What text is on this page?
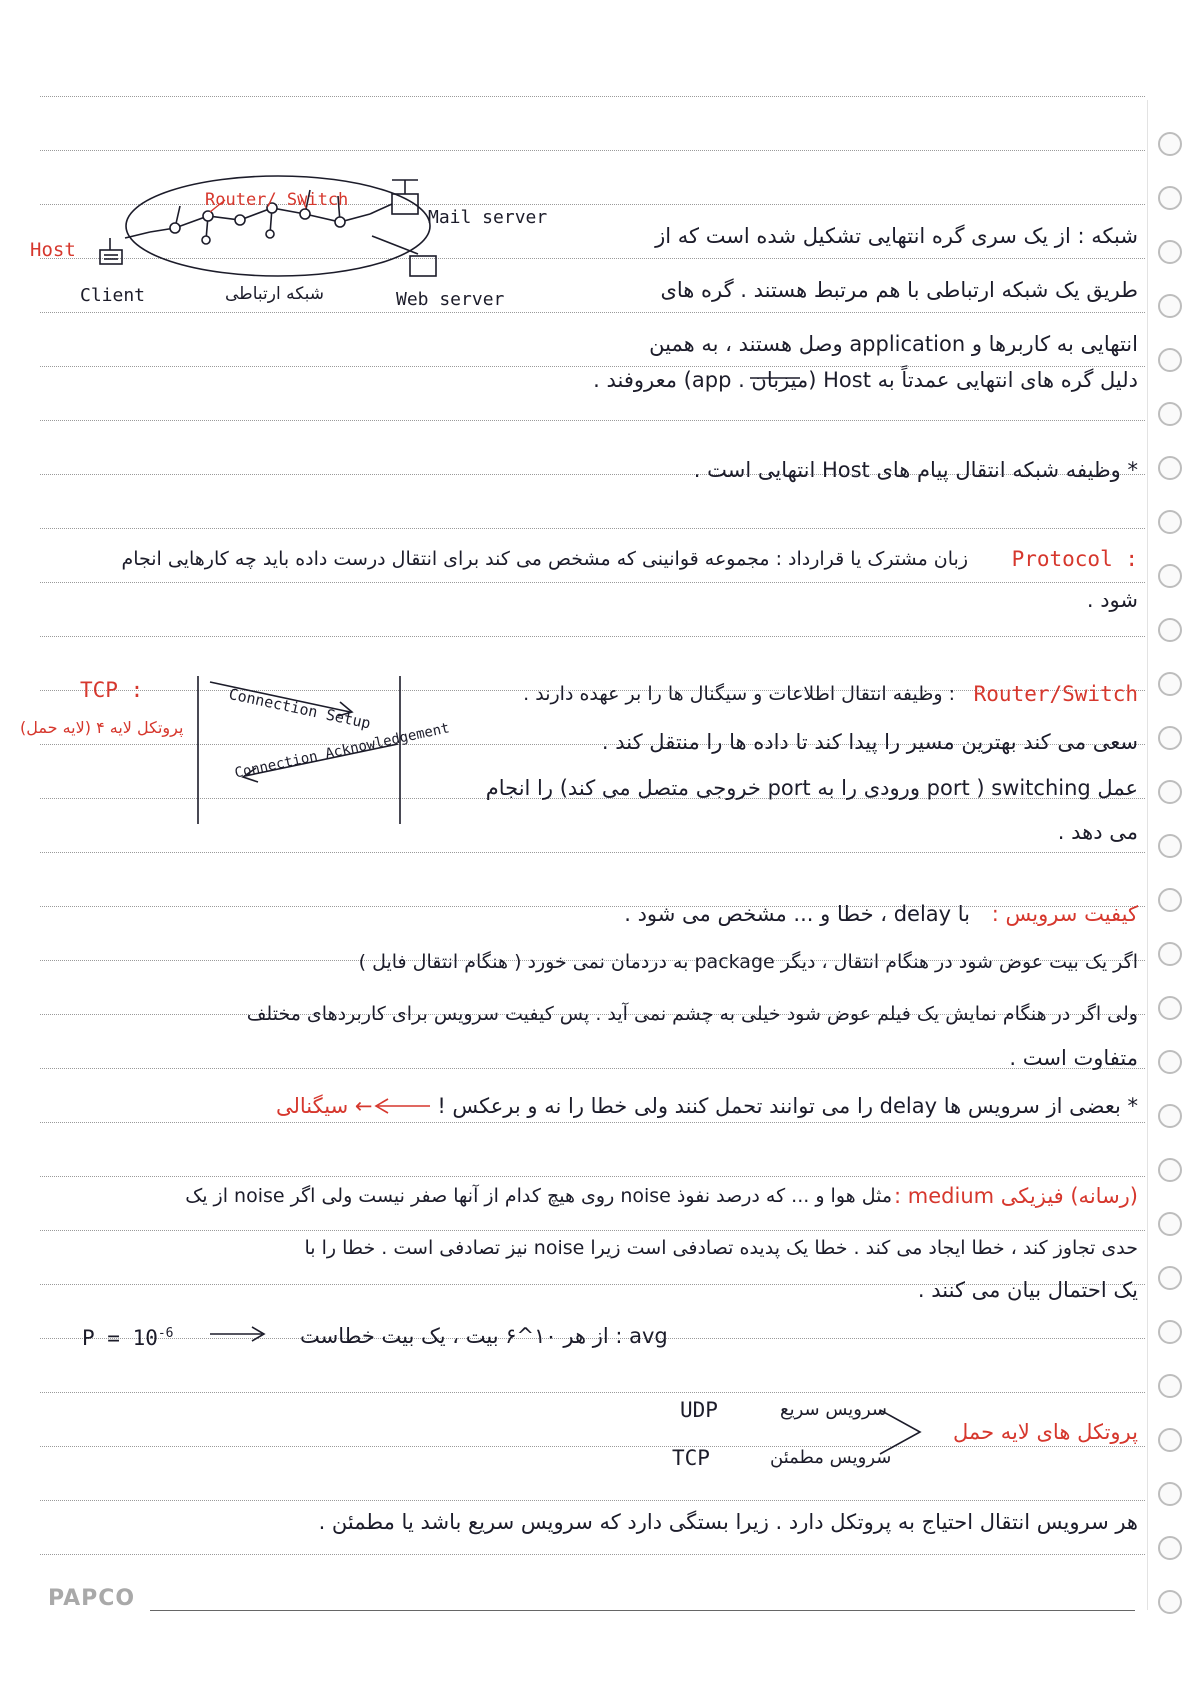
Router/ Switch
Host
Client	شبکه ارتباطی
Mail server
Web server
شبکه : از یک سری گره انتهایی تشکیل شده است که از
طریق یک شبکه ارتباطی با هم مرتبط هستند . گره های
انتهایی به کاربرها و application وصل هستند ، به همین
دلیل گره های انتهایی عمدتاً به Host (میزبان . app) معروفند .
* وظیفه شبکه انتقال پیام های Host انتهایی است .
Protocol :
زبان مشترک یا قرارداد : مجموعه قوانینی که مشخص می کند برای انتقال درست داده باید چه کارهایی انجام
شود .
TCP :
پروتکل لایه ۴ (لایه حمل)	Connection Setup
Connection Acknowledgement
Router/Switch
: وظیفه انتقال اطلاعات و سیگنال ها را بر عهده دارند .
سعی می کند بهترین مسیر را پیدا کند تا داده ها را منتقل کند .
عمل switching ( port ورودی را به port خروجی متصل می کند) را انجام
می دهد .
کیفیت سرویس :
با delay ، خطا و ... مشخص می شود .
اگر یک بیت عوض شود در هنگام انتقال ، دیگر package به دردمان نمی خورد ( هنگام انتقال فایل )
ولی اگر در هنگام نمایش یک فیلم عوض شود خیلی به چشم نمی آید . پس کیفیت سرویس برای کاربردهای مختلف
متفاوت است .
* بعضی از سرویس ها delay را می توانند تحمل کنند ولی خطا را نه و برعکس !
← سیگنالی
(رسانه) فیزیکی medium :
مثل هوا و ... که درصد نفوذ noise روی هیچ کدام از آنها صفر نیست ولی اگر noise از یک
حدی تجاوز کند ، خطا ایجاد می کند . خطا یک پدیده تصادفی است زیرا noise نیز تصادفی است . خطا را با
یک احتمال بیان می کنند .
avg : از هر ۱۰^۶ بیت ، یک بیت خطاست
$P = 10^{-6}$
پروتکل های لایه حمل
UDP	سرویس سریع
TCP	سرویس مطمئن
هر سرویس انتقال احتیاج به پروتکل دارد . زیرا بستگی دارد که سرویس سریع باشد یا مطمئن .
PAPCO
